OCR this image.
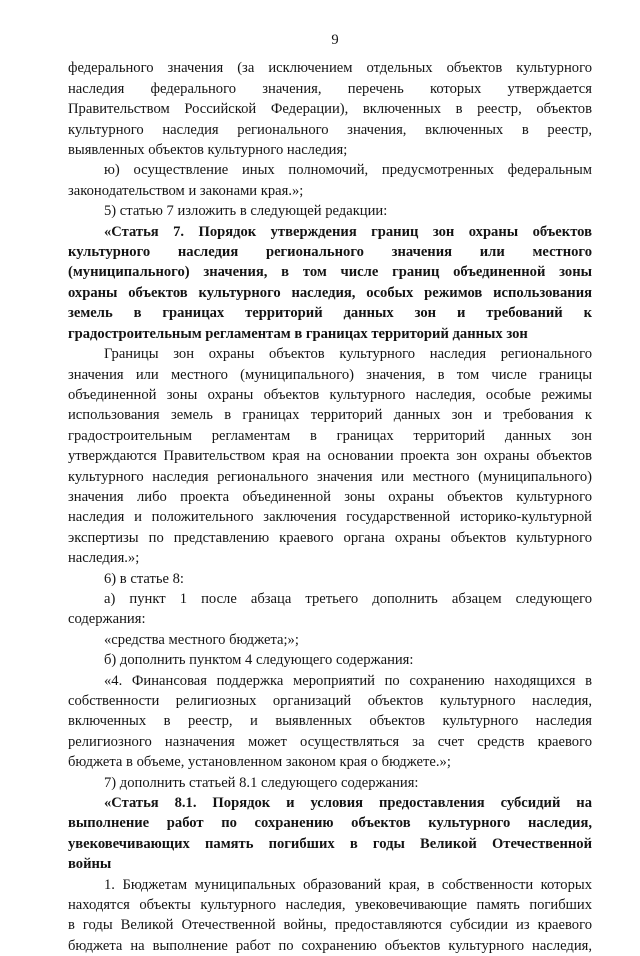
9
федерального значения (за исключением отдельных объектов культурного
наследия федерального значения, перечень которых утверждается
Правительством Российской Федерации), включенных в реестр, объектов
культурного наследия регионального значения, включенных в реестр,
выявленных объектов культурного наследия;
ю) осуществление иных полномочий, предусмотренных федеральным
законодательством и законами края.»;
5) статью 7 изложить в следующей редакции:
«Статья 7. Порядок утверждения границ зон охраны объектов
культурного наследия регионального значения или местного
(муниципального) значения, в том числе границ объединенной зоны
охраны объектов культурного наследия, особых режимов использования
земель в границах территорий данных зон и требований к
градостроительным регламентам в границах территорий данных зон
Границы зон охраны объектов культурного наследия регионального
значения или местного (муниципального) значения, в том числе границы
объединенной зоны охраны объектов культурного наследия, особые режимы
использования земель в границах территорий данных зон и требования к
градостроительным регламентам в границах территорий данных зон
утверждаются Правительством края на основании проекта зон охраны объектов
культурного наследия регионального значения или местного (муниципального)
значения либо проекта объединенной зоны охраны объектов культурного
наследия и положительного заключения государственной историко-культурной
экспертизы по представлению краевого органа охраны объектов культурного
наследия.»;
6) в статье 8:
а) пункт 1 после абзаца третьего дополнить абзацем следующего
содержания:
«средства местного бюджета;»;
б) дополнить пунктом 4 следующего содержания:
«4. Финансовая поддержка мероприятий по сохранению находящихся в
собственности религиозных организаций объектов культурного наследия,
включенных в реестр, и выявленных объектов культурного наследия
религиозного назначения может осуществляться за счет средств краевого
бюджета в объеме, установленном законом края о бюджете.»;
7) дополнить статьей 8.1 следующего содержания:
«Статья 8.1. Порядок и условия предоставления субсидий на
выполнение работ по сохранению объектов культурного наследия,
увековечивающих память погибших в годы Великой Отечественной
войны
1. Бюджетам муниципальных образований края, в собственности которых
находятся объекты культурного наследия, увековечивающие память погибших
в годы Великой Отечественной войны, предоставляются субсидии из краевого
бюджета на выполнение работ по сохранению объектов культурного наследия,
